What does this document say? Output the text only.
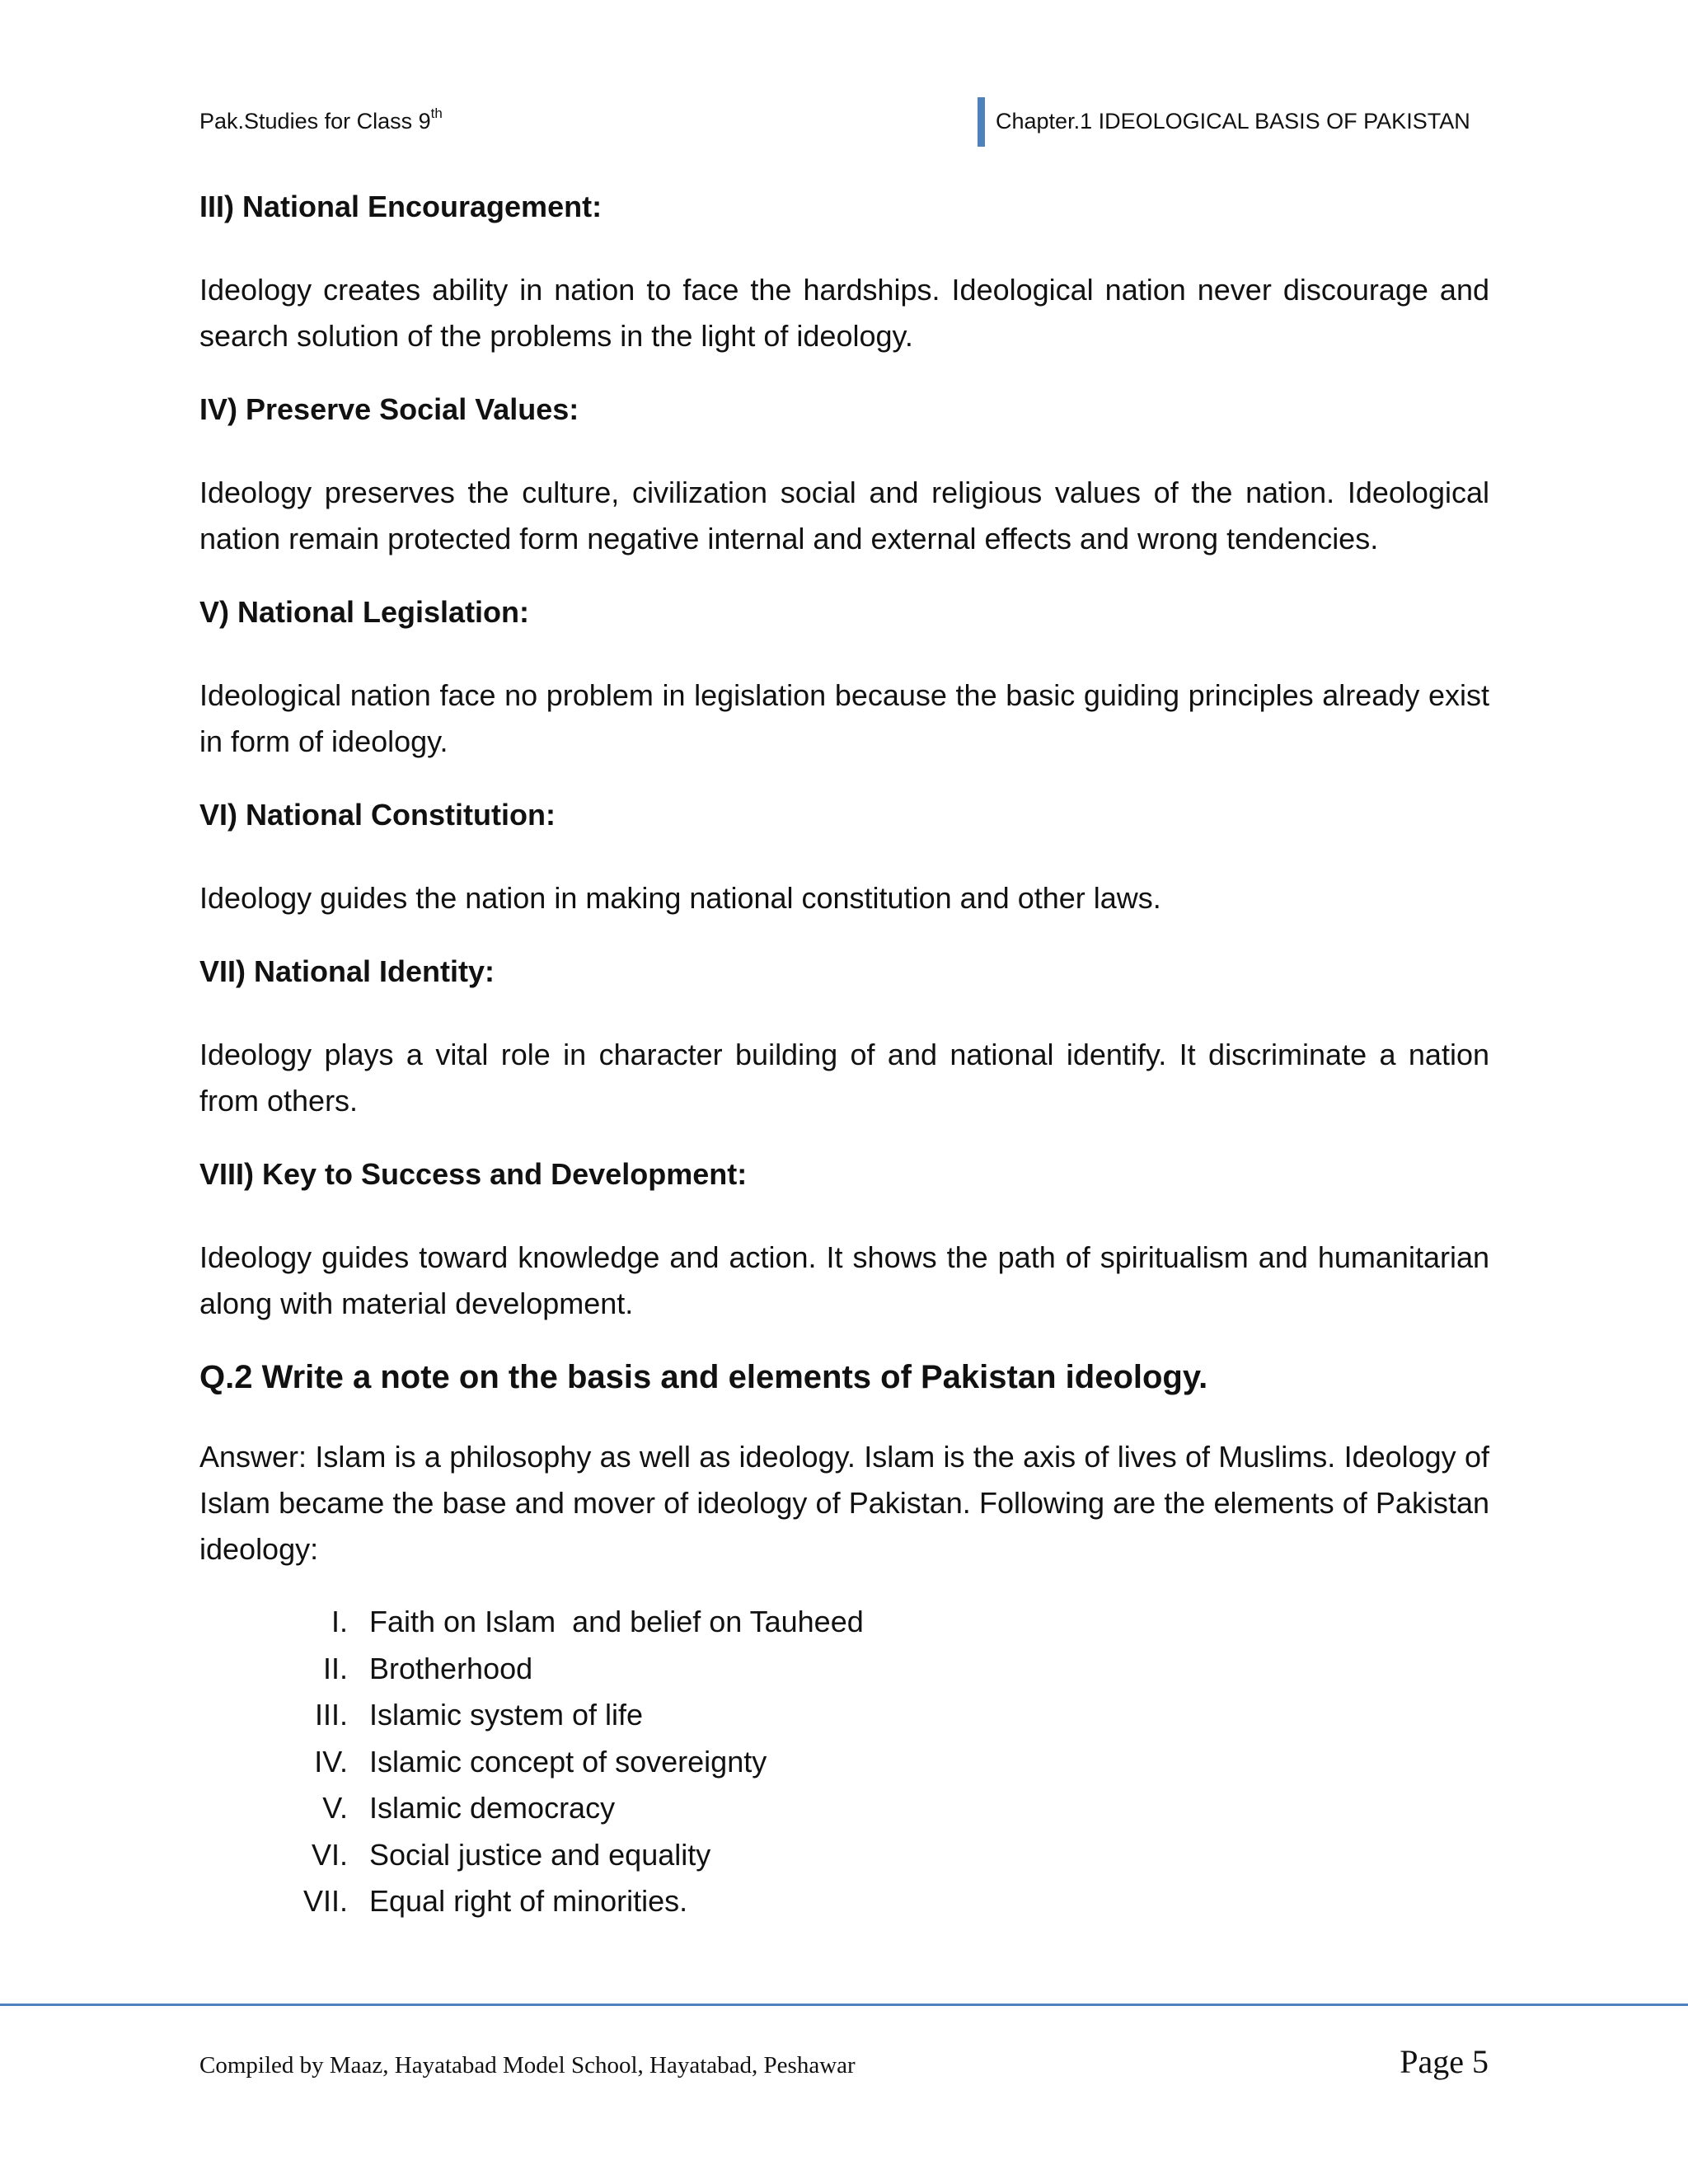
Pak.Studies for Class 9th	Chapter.1 IDEOLOGICAL BASIS OF PAKISTAN
III) National Encouragement:
Ideology creates ability in nation to face the hardships. Ideological nation never discourage and search solution of the problems in the light of ideology.
IV) Preserve Social Values:
Ideology preserves the culture, civilization social and religious values of the nation. Ideological nation remain protected form negative internal and external effects and wrong tendencies.
V) National Legislation:
Ideological nation face no problem in legislation because the basic guiding principles already exist in form of ideology.
VI) National Constitution:
Ideology guides the nation in making national constitution and other laws.
VII) National Identity:
Ideology plays a vital role in character building of and national identify. It discriminate a nation from others.
VIII) Key to Success and Development:
Ideology guides toward knowledge and action. It shows the path of spiritualism and humanitarian along with material development.
Q.2 Write a note on the basis and elements of Pakistan ideology.
Answer: Islam is a philosophy as well as ideology. Islam is the axis of lives of Muslims. Ideology of Islam became the base and mover of ideology of Pakistan. Following are the elements of Pakistan ideology:
I. Faith on Islam  and belief on Tauheed
II. Brotherhood
III. Islamic system of life
IV. Islamic concept of sovereignty
V. Islamic democracy
VI. Social justice and equality
VII. Equal right of minorities.
Compiled by Maaz, Hayatabad Model School, Hayatabad, Peshawar	Page 5
